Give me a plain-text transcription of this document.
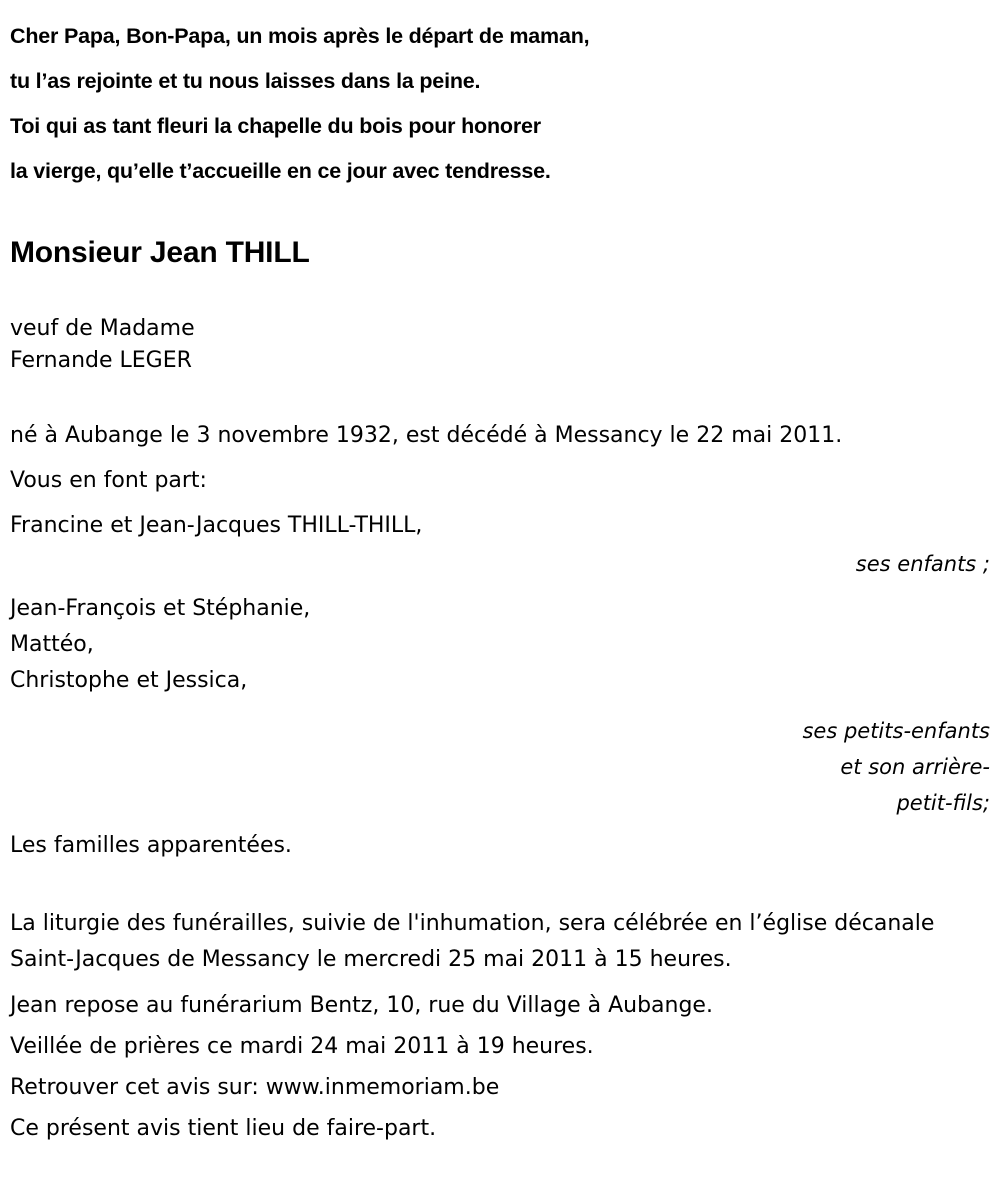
Cher Papa, Bon-Papa, un mois après le départ de maman,
tu l’as rejointe et tu nous laisses dans la peine.
Toi qui as tant fleuri la chapelle du bois pour honorer
la vierge, qu’elle t’accueille en ce jour avec tendresse.
Monsieur Jean THILL
veuf de Madame
Fernande LEGER
né à Aubange le 3 novembre 1932, est décédé à Messancy le 22 mai 2011.
Vous en font part:
Francine et Jean-Jacques THILL-THILL,
ses enfants ;
Jean-François et Stéphanie,
Mattéo,
Christophe et Jessica,
ses petits-enfants
et son arrière-
petit-fils;
Les familles apparentées.
La liturgie des funérailles, suivie de l'inhumation, sera célébrée en l’église décanale Saint-Jacques de Messancy le mercredi 25 mai 2011 à 15 heures.
Jean repose au funérarium Bentz, 10, rue du Village à Aubange.
Veillée de prières ce mardi 24 mai 2011 à 19 heures.
Retrouver cet avis sur: www.inmemoriam.be
Ce présent avis tient lieu de faire-part.
